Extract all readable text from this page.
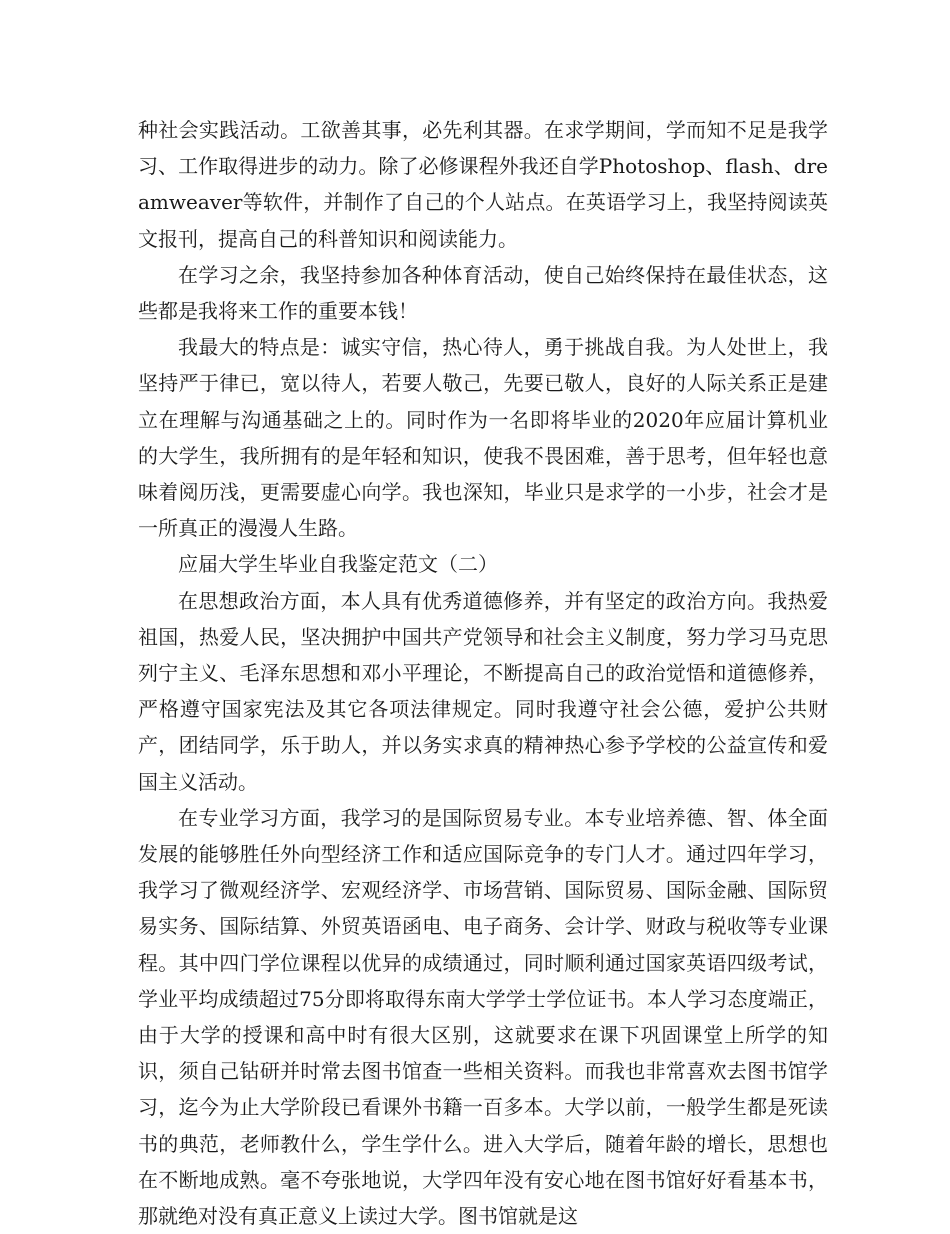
种社会实践活动。工欲善其事，必先利其器。在求学期间，学而知不足是我学习、工作取得进步的动力。除了必修课程外我还自学Photoshop、flash、dreamweaver等软件，并制作了自己的个人站点。在英语学习上，我坚持阅读英文报刊，提高自己的科普知识和阅读能力。

在学习之余，我坚持参加各种体育活动，使自己始终保持在最佳状态，这些都是我将来工作的重要本钱！

我最大的特点是：诚实守信，热心待人，勇于挑战自我。为人处世上，我坚持严于律已，宽以待人，若要人敬己，先要已敬人，良好的人际关系正是建立在理解与沟通基础之上的。同时作为一名即将毕业的2020年应届计算机业的大学生，我所拥有的是年轻和知识，使我不畏困难，善于思考，但年轻也意味着阅历浅，更需要虚心向学。我也深知，毕业只是求学的一小步，社会才是一所真正的漫漫人生路。

应届大学生毕业自我鉴定范文（二）

在思想政治方面，本人具有优秀道德修养，并有坚定的政治方向。我热爱祖国，热爱人民，坚决拥护中国共产党领导和社会主义制度，努力学习马克思列宁主义、毛泽东思想和邓小平理论，不断提高自己的政治觉悟和道德修养，严格遵守国家宪法及其它各项法律规定。同时我遵守社会公德，爱护公共财产，团结同学，乐于助人，并以务实求真的精神热心参予学校的公益宣传和爱国主义活动。

在专业学习方面，我学习的是国际贸易专业。本专业培养德、智、体全面发展的能够胜任外向型经济工作和适应国际竞争的专门人才。通过四年学习，我学习了微观经济学、宏观经济学、市场营销、国际贸易、国际金融、国际贸易实务、国际结算、外贸英语函电、电子商务、会计学、财政与税收等专业课程。其中四门学位课程以优异的成绩通过，同时顺利通过国家英语四级考试，学业平均成绩超过75分即将取得东南大学学士学位证书。本人学习态度端正，由于大学的授课和高中时有很大区别，这就要求在课下巩固课堂上所学的知识，须自己钻研并时常去图书馆查一些相关资料。而我也非常喜欢去图书馆学习，迄今为止大学阶段已看课外书籍一百多本。大学以前，一般学生都是死读书的典范，老师教什么，学生学什么。进入大学后，随着年龄的增长，思想也在不断地成熟。毫不夸张地说，大学四年没有安心地在图书馆好好看基本书，那就绝对没有真正意义上读过大学。图书馆就是这
